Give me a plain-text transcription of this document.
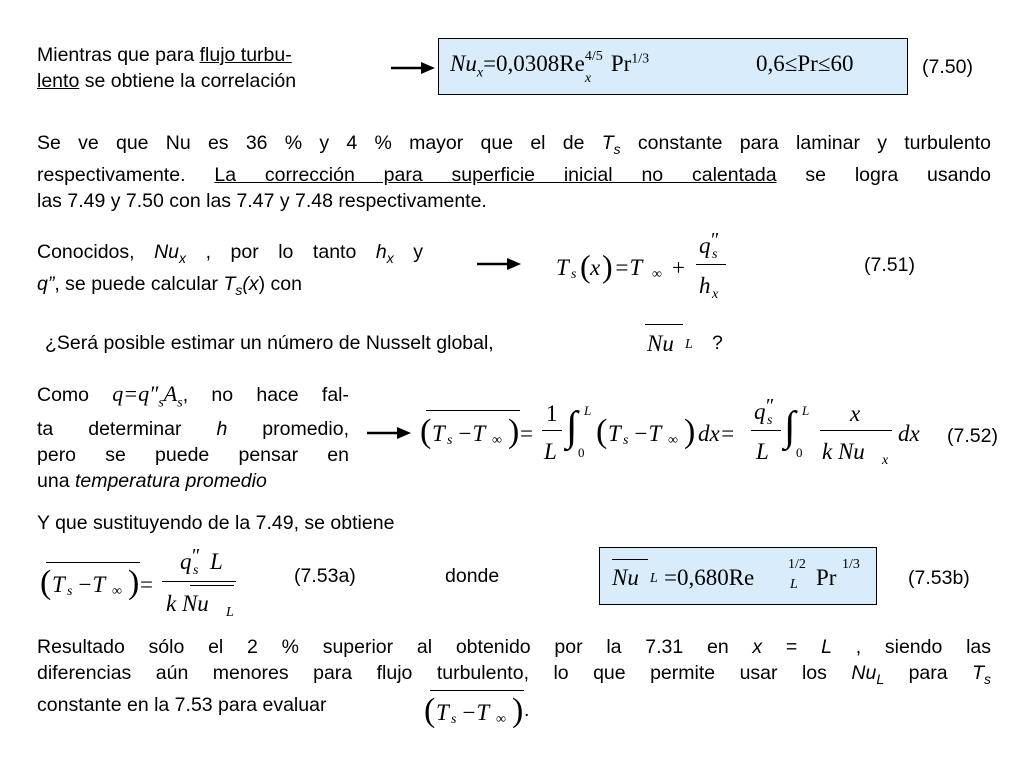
Mientras que para flujo turbu-
lento se obtiene la correlación
$Nu_x=0,0308Re$ 4/5
x
$Pr^{1/3}$	0,6≤Pr≤60	(7.50)
Se ve que Nu es 36 % y 4 % mayor que el de $T_s$ constante para laminar y turbulento
respectivamente. La corrección para superficie inicial no calentada se logra usando
las 7.49 y 7.50 con las 7.47 y 7.48 respectivamente.
Conocidos, $Nu_x$ , por lo tanto $h_x$ y
q”, se puede calcular $T_s(x)$ con
T s ( x ) =T ∞ +
q ″
s
h x
(7.51)
¿Será posible estimar un número de Nusselt global,	Nu L ?
Como $q=q''_sA_s$, no hace fal-
ta determinar h promedio,
pero se puede pensar en
una temperatura promedio
( T s −T ∞ ) =
1
L
∫ L
0
( T s −T ∞ ) dx=
q ″
s
L
∫ L
0
x
k Nu x
dx (7.52)
Y que sustituyendo de la 7.49, se obtiene
( T s −T ∞ ) =
q ″
s L
k Nu L
(7.53a)	donde	Nu L =0,680Re
1/2
L Pr
1/3
(7.53b)
Resultado sólo el 2 % superior al obtenido por la 7.31 en x = L , siendo las
diferencias aún menores para flujo turbulento, lo que permite usar los $Nu_L$ para $T_s$
constante en la 7.53 para evaluar	( T s −T ∞ ) .
